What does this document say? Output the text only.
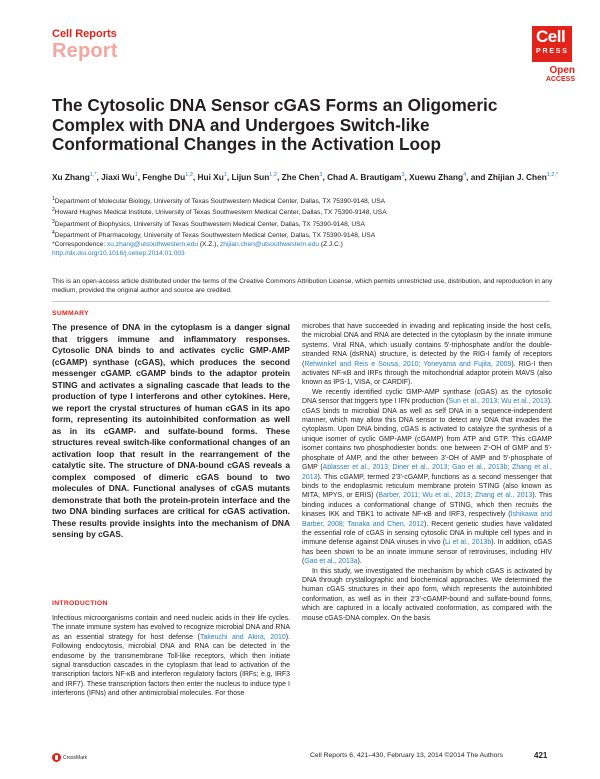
Cell Reports
Report
Cell
PRESS
Open
ACCESS
The Cytosolic DNA Sensor cGAS Forms an Oligomeric Complex with DNA and Undergoes Switch-like Conformational Changes in the Activation Loop
Xu Zhang$^{1,*}$, Jiaxi Wu$^1$, Fenghe Du$^{1,2}$, Hui Xu$^1$, Lijun Sun$^{1,2}$, Zhe Chen$^3$, Chad A. Brautigam$^3$, Xuewu Zhang$^4$, and Zhijian J. Chen$^{1,2,*}$
$^1$Department of Molecular Biology, University of Texas Southwestern Medical Center, Dallas, TX 75390-9148, USA
$^2$Howard Hughes Medical Institute, University of Texas Southwestern Medical Center, Dallas, TX 75390-9148, USA
$^3$Department of Biophysics, University of Texas Southwestern Medical Center, Dallas, TX 75390-9148, USA
$^4$Department of Pharmacology, University of Texas Southwestern Medical Center, Dallas, TX 75390-9148, USA
*Correspondence: xu.zhang@utsouthwestern.edu (X.Z.), zhijian.chen@utsouthwestern.edu (Z.J.C.)
http://dx.doi.org/10.1016/j.celrep.2014.01.003
This is an open-access article distributed under the terms of the Creative Commons Attribution License, which permits unrestricted use, distribution, and reproduction in any medium, provided the original author and source are credited.
SUMMARY

The presence of DNA in the cytoplasm is a danger signal that triggers immune and inflammatory responses. Cytosolic DNA binds to and activates cyclic GMP-AMP (cGAMP) synthase (cGAS), which produces the second messenger cGAMP. cGAMP binds to the adaptor protein STING and activates a signaling cascade that leads to the production of type I interferons and other cytokines. Here, we report the crystal structures of human cGAS in its apo form, representing its autoinhibited conformation as well as in its cGAMP- and sulfate-bound forms. These structures reveal switch-like conformational changes of an activation loop that result in the rearrangement of the catalytic site. The structure of DNA-bound cGAS reveals a complex composed of dimeric cGAS bound to two molecules of DNA. Functional analyses of cGAS mutants demonstrate that both the protein-protein interface and the two DNA binding surfaces are critical for cGAS activation. These results provide insights into the mechanism of DNA sensing by cGAS.

INTRODUCTION

Infectious microorganisms contain and need nucleic acids in their life cycles. The innate immune system has evolved to recognize microbial DNA and RNA as an essential strategy for host defense (Takeuchi and Akira, 2010). Following endocytosis, microbial DNA and RNA can be detected in the endosome by the transmembrane Toll-like receptors, which then initiate signal transduction cascades in the cytoplasm that lead to activation of the transcription factors NF-κB and interferon regulatory factors (IRFs; e.g, IRF3 and IRF7). These transcription factors then enter the nucleus to induce type I interferons (IFNs) and other antimicrobial molecules. For those

microbes that have succeeded in invading and replicating inside the host cells, the microbial DNA and RNA are detected in the cytoplasm by the innate immune systems. Viral RNA, which usually contains 5′-triphosphate and/or the double-stranded RNA (dsRNA) structure, is detected by the RIG-I family of receptors (Rehwinkel and Reis e Sousa, 2010; Yoneyama and Fujita, 2009). RIG-I then activates NF-κB and IRFs through the mitochondrial adaptor protein MAVS (also known as IPS-1, VISA, or CARDIF).

We recently identified cyclic GMP-AMP synthase (cGAS) as the cytosolic DNA sensor that triggers type I IFN production (Sun et al., 2013; Wu et al., 2013). cGAS binds to microbial DNA as well as self DNA in a sequence-independent manner, which may allow this DNA sensor to detect any DNA that invades the cytoplasm. Upon DNA binding, cGAS is activated to catalyze the synthesis of a unique isomer of cyclic GMP-AMP (cGAMP) from ATP and GTP. This cGAMP isomer contains two phosphodiester bonds: one between 2′-OH of GMP and 5′-phosphate of AMP, and the other between 3′-OH of AMP and 5′-phosphate of GMP (Ablasser et al., 2013; Diner et al., 2013; Gao et al., 2013b; Zhang et al., 2013). This cGAMP, termed 2′3′-cGAMP, functions as a second messenger that binds to the endoplasmic reticulum membrane protein STING (also known as MITA, MPYS, or ERIS) (Barber, 2011; Wu et al., 2013; Zhang et al., 2013). This binding induces a conformational change of STING, which then recruits the kinases IKK and TBK1 to activate NF-κB and IRF3, respectively (Ishikawa and Barber, 2008; Tanaka and Chen, 2012). Recent genetic studies have validated the essential role of cGAS in sensing cytosolic DNA in multiple cell types and in immune defense against DNA viruses in vivo (Li et al., 2013b). In addition, cGAS has been shown to be an innate immune sensor of retroviruses, including HIV (Gao et al., 2013a).

In this study, we investigated the mechanism by which cGAS is activated by DNA through crystallographic and biochemical approaches. We determined the human cGAS structures in their apo form, which represents the autoinhibited conformation, as well as in their 2′3′-cGAMP-bound and sulfate-bound forms, which are captured in a locally activated conformation, as compared with the mouse cGAS-DNA complex. On the basis

CrossMark	Cell Reports 6, 421–430, February 13, 2014 ©2014 The Authors	421
